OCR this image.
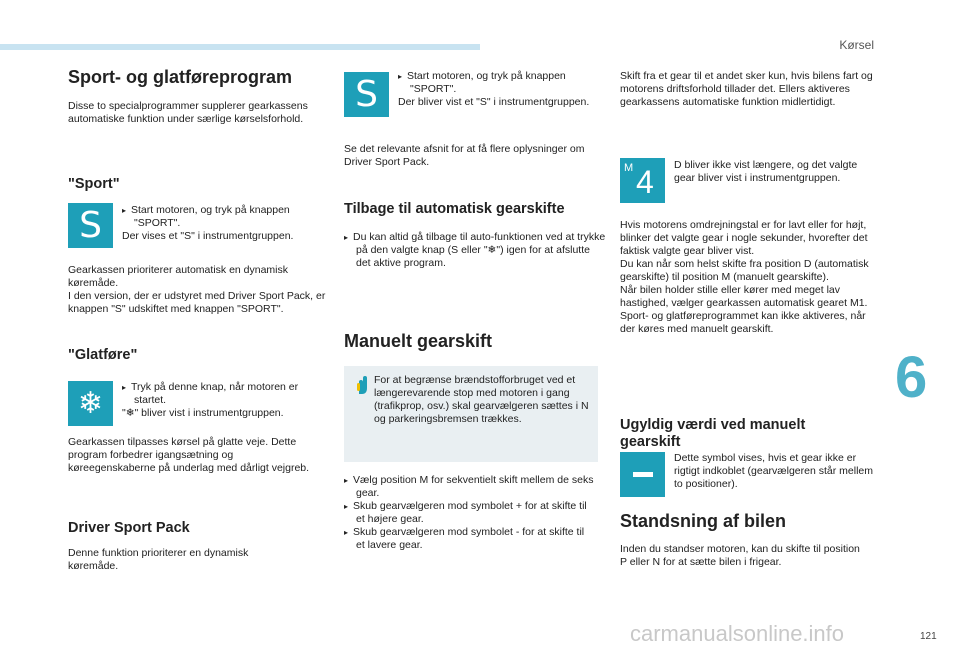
Kørsel
6
121
carmanualsonline.info
Sport- og glatføreprogram

Disse to specialprogrammer supplerer gearkassens automatiske funktion under særlige kørselsforhold.

"Sport"
S	▸ Start motoren, og tryk på knappen "SPORT".

Der vises et "S" i instrumentgruppen.

Gearkassen prioriterer automatisk en dynamisk køremåde.

I den version, der er udstyret med Driver Sport Pack, er knappen "S" udskiftet med knappen "SPORT".

"Glatføre"
❄	▸ Tryk på denne knap, når motoren er startet.

"❄" bliver vist i instrumentgruppen.

Gearkassen tilpasses kørsel på glatte veje. Dette program forbedrer igangsætning og køreegenskaberne på underlag med dårligt vejgreb.

Driver Sport Pack

Denne funktion prioriterer en dynamisk køremåde.

S	▸ Start motoren, og tryk på knappen "SPORT".

Der bliver vist et "S" i instrumentgruppen.

Se det relevante afsnit for at få flere oplysninger om Driver Sport Pack.

Tilbage til automatisk gearskifte

▸ Du kan altid gå tilbage til auto-funktionen ved at trykke på den valgte knap (S eller "❄") igen for at afslutte det aktive program.

Manuelt gearskift

For at begrænse brændstofforbruget ved et længerevarende stop med motoren i gang (trafikprop, osv.) skal gearvælgeren sættes i N og parkeringsbremsen trækkes.

▸ Vælg position M for sekventielt skift mellem de seks gear.

▸ Skub gearvælgeren mod symbolet + for at skifte til et højere gear.

▸ Skub gearvælgeren mod symbolet - for at skifte til et lavere gear.

Skift fra et gear til et andet sker kun, hvis bilens fart og motorens driftsforhold tillader det. Ellers aktiveres gearkassens automatiske funktion midlertidigt.

M 4 D bliver ikke vist længere, og det valgte gear bliver vist i instrumentgruppen.

Hvis motorens omdrejningstal er for lavt eller for højt, blinker det valgte gear i nogle sekunder, hvorefter det faktisk valgte gear bliver vist.

Du kan når som helst skifte fra position D (automatisk gearskifte) til position M (manuelt gearskifte).

Når bilen holder stille eller kører med meget lav hastighed, vælger gearkassen automatisk gearet M1.

Sport- og glatføreprogrammet kan ikke aktiveres, når der køres med manuelt gearskift.

Ugyldig værdi ved manuelt gearskift

Dette symbol vises, hvis et gear ikke er rigtigt indkoblet (gearvælgeren står mellem to positioner).

Standsning af bilen

Inden du standser motoren, kan du skifte til position P eller N for at sætte bilen i frigear.
